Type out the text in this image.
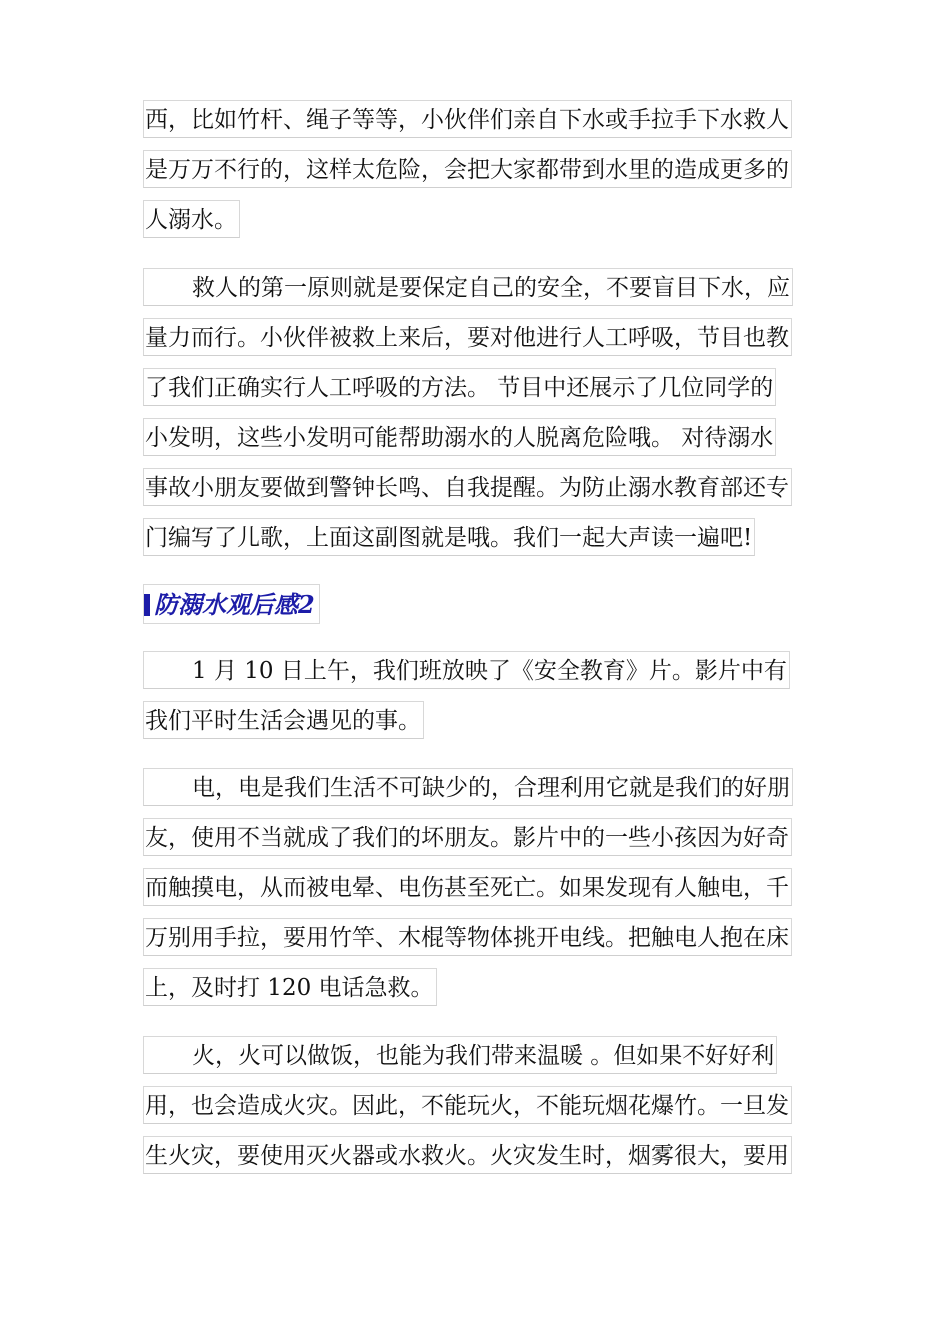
西，比如竹杆、绳子等等，小伙伴们亲自下水或手拉手下水救人
是万万不行的，这样太危险，会把大家都带到水里的造成更多的
人溺水。
救人的第一原则就是要保定自己的安全，不要盲目下水，应
量力而行。小伙伴被救上来后，要对他进行人工呼吸，节目也教
了我们正确实行人工呼吸的方法。 节目中还展示了几位同学的
小发明，这些小发明可能帮助溺水的人脱离危险哦。 对待溺水
事故小朋友要做到警钟长鸣、自我提醒。为防止溺水教育部还专
门编写了儿歌，上面这副图就是哦。我们一起大声读一遍吧!
防溺水观后感2
1 月 10 日上午，我们班放映了《安全教育》片。影片中有
我们平时生活会遇见的事。
电，电是我们生活不可缺少的，合理利用它就是我们的好朋
友，使用不当就成了我们的坏朋友。影片中的一些小孩因为好奇
而触摸电，从而被电晕、电伤甚至死亡。如果发现有人触电，千
万别用手拉，要用竹竿、木棍等物体挑开电线。把触电人抱在床
上，及时打 120 电话急救。
火，火可以做饭，也能为我们带来温暖 。但如果不好好利
用，也会造成火灾。因此，不能玩火，不能玩烟花爆竹。一旦发
生火灾，要使用灭火器或水救火。火灾发生时，烟雾很大，要用
